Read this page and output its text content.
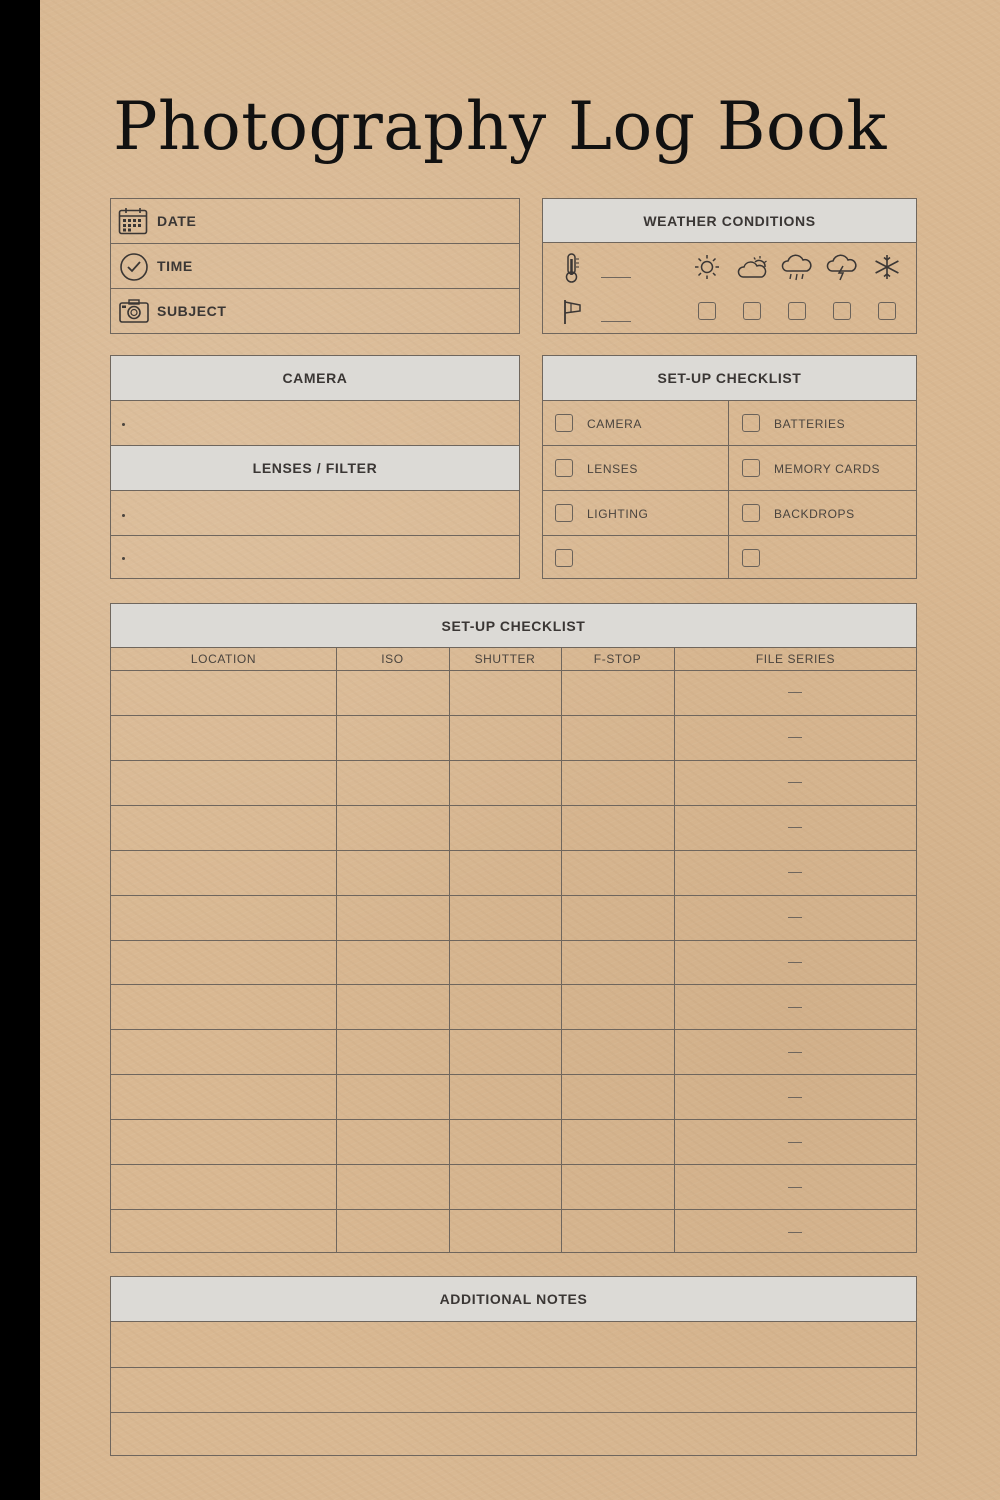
Photography Log Book
DATE
TIME
SUBJECT
WEATHER CONDITIONS
CAMERA
LENSES / FILTER
SET-UP CHECKLIST
CAMERA	BATTERIES
LENSES	MEMORY CARDS
LIGHTING	BACKDROPS
SET-UP CHECKLIST
LOCATION	ISO	SHUTTER	F-STOP	FILE SERIES
ADDITIONAL NOTES
